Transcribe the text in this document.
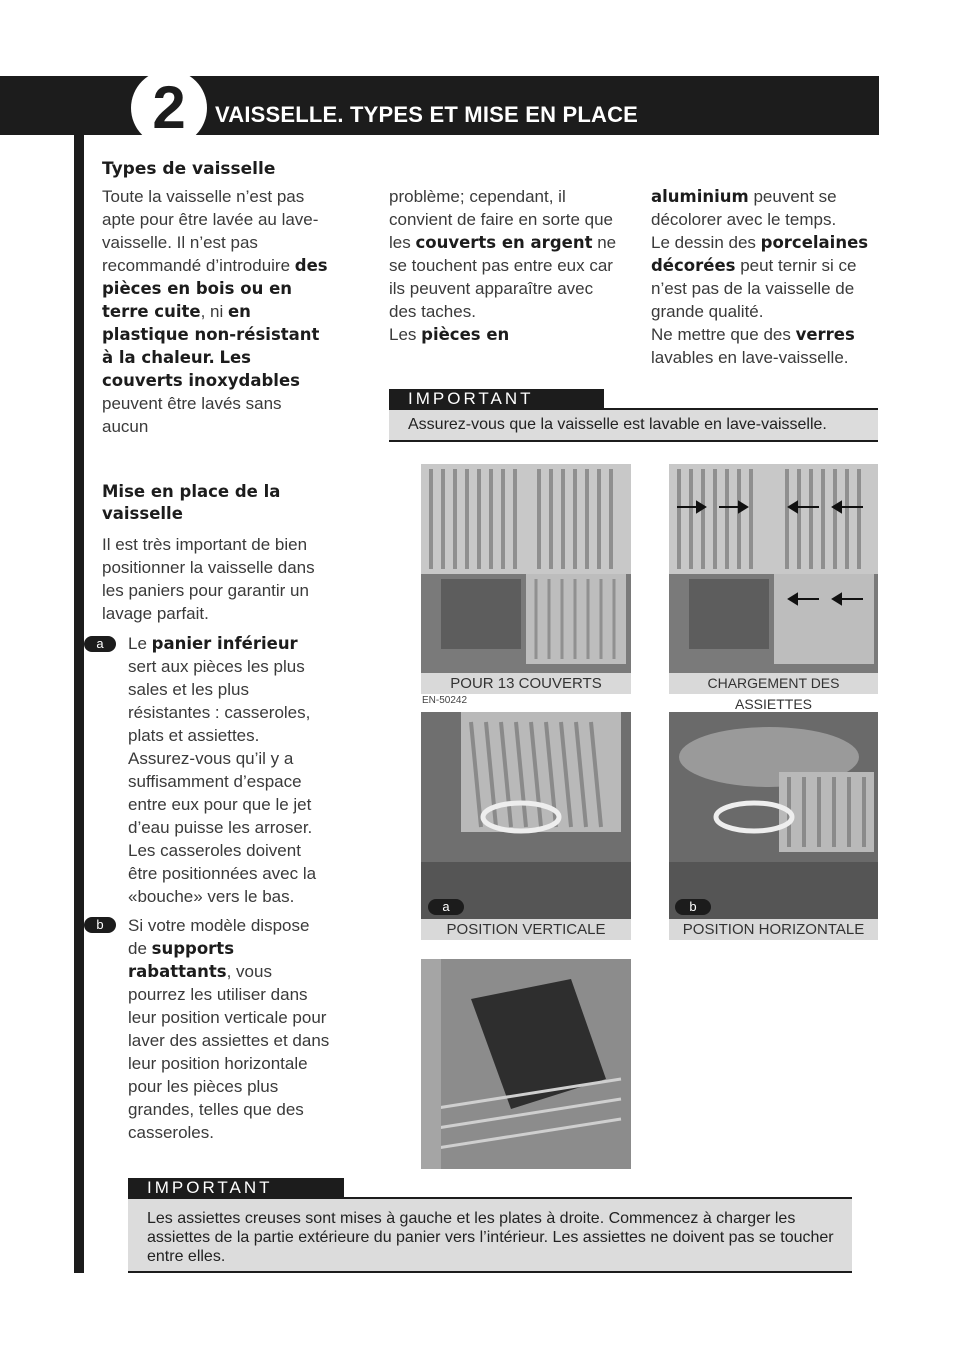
2	VAISSELLE. TYPES ET MISE EN PLACE
Types de vaisselle

Toute la vaisselle n’est pas apte pour être lavée au lave-vaisselle. Il n’est pas recommandé d’introduire des pièces en bois ou en terre cuite, ni en plastique non-résistant à la chaleur. Les couverts inoxydables peuvent être lavés sans aucun

problème; cependant, il convient de faire en sorte que les couverts en argent ne se touchent pas entre eux car ils peuvent apparaître avec des taches.
Les pièces en

aluminium peuvent se décolorer avec le temps.
Le dessin des porcelaines décorées peut ternir si ce n’est pas de la vaisselle de grande qualité.
Ne mettre que des verres lavables en lave-vaisselle.

IMPORTANT
Assurez-vous que la vaisselle est lavable en lave-vaisselle.
Mise en place de la vaisselle

Il est très important de bien positionner la vaisselle dans les paniers pour garantir un lavage parfait.

a	Le panier inférieur sert aux pièces les plus sales et les plus résistantes : casseroles, plats et assiettes. Assurez-vous qu’il y a suffisamment d’espace entre eux pour que le jet d’eau puisse les arroser. Les casseroles doivent être positionnées avec la «bouche» vers le bas.

b	Si votre modèle dispose de supports rabattants, vous pourrez les utiliser dans leur position verticale pour laver des assiettes et dans leur position horizontale pour les pièces plus grandes, telles que des casseroles.

POUR 13 COUVERTS
EN-50242
CHARGEMENT DES ASSIETTES
a
POSITION VERTICALE
b
POSITION HORIZONTALE
IMPORTANT
Les assiettes creuses sont mises à gauche et les plates à droite. Commencez à charger les assiettes de la partie extérieure du panier vers l’intérieur. Les assiettes ne doivent pas se toucher entre elles.
